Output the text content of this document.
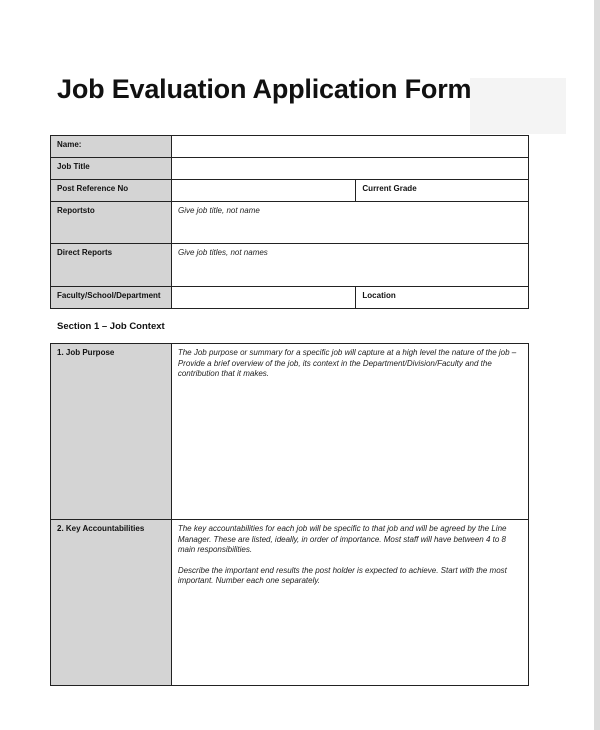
Job Evaluation Application Form
Name:		
Job Title		
Post Reference No		Current Grade
Reportsto	Give job title, not name	
Direct Reports	Give job titles, not names	
Faculty/School/Department		Location
Section 1 – Job Context
1. Job Purpose	The Job purpose or summary for a specific job will capture at a high level the nature of the job – Provide a brief overview of the job, its context in the Department/Division/Faculty and the contribution that it makes.

2. Key Accountabilities	The key accountabilities for each job will be specific to that job and will be agreed by the Line Manager. These are listed, ideally, in order of importance. Most staff will have between 4 to 8 main responsibilities.
Describe the important end results the post holder is expected to achieve. Start with the most important. Number each one separately.
